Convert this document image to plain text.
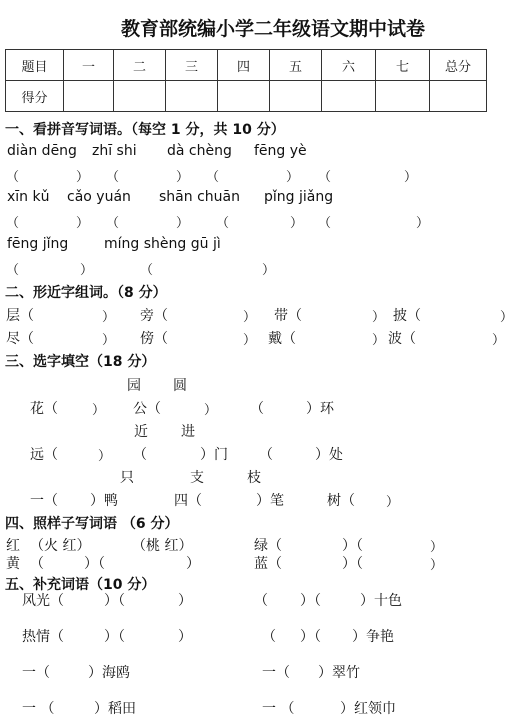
教育部统编小学二年级语文期中试卷
题目	一	二	三	四	五	六	七	总分
得分								
一、看拼音写词语。（每空 1 分，共 10 分）
diàn dēng zhī shi dà chèng fēng yè
（	） （	） （	） （	）
xīn kǔ cǎo yuán shān chuān pǐng jiǎng
（	） （	） （	） （	）
fēng jǐng	míng shèng gū jì
（	）	（	）
二、形近字组词。（8 分）
层（	） 旁（	） 带（	） 披（	）
尽（	） 傍（	） 戴（	） 波（	）
三、选字填空（18 分）
园 圆
花（	） 公（	） （	）环
近 进
远（	） （	）门 （	）处
只	支	枝
一（ ）鸭	四（	）笔	树（ ）
四、照样子写词语 （6 分）
红 （火 红）	（桃 红）	绿（	）（	）
黄 （	）（	）	蓝（	）（	）
五、补充词语（10 分）
风光（	）（	）	（ ）（	）十色
热情（	）（	）	（ ）（ ）争艳
一（	）海鸥	一（ ）翠竹
一 （	）稻田	一 （	）红领巾
